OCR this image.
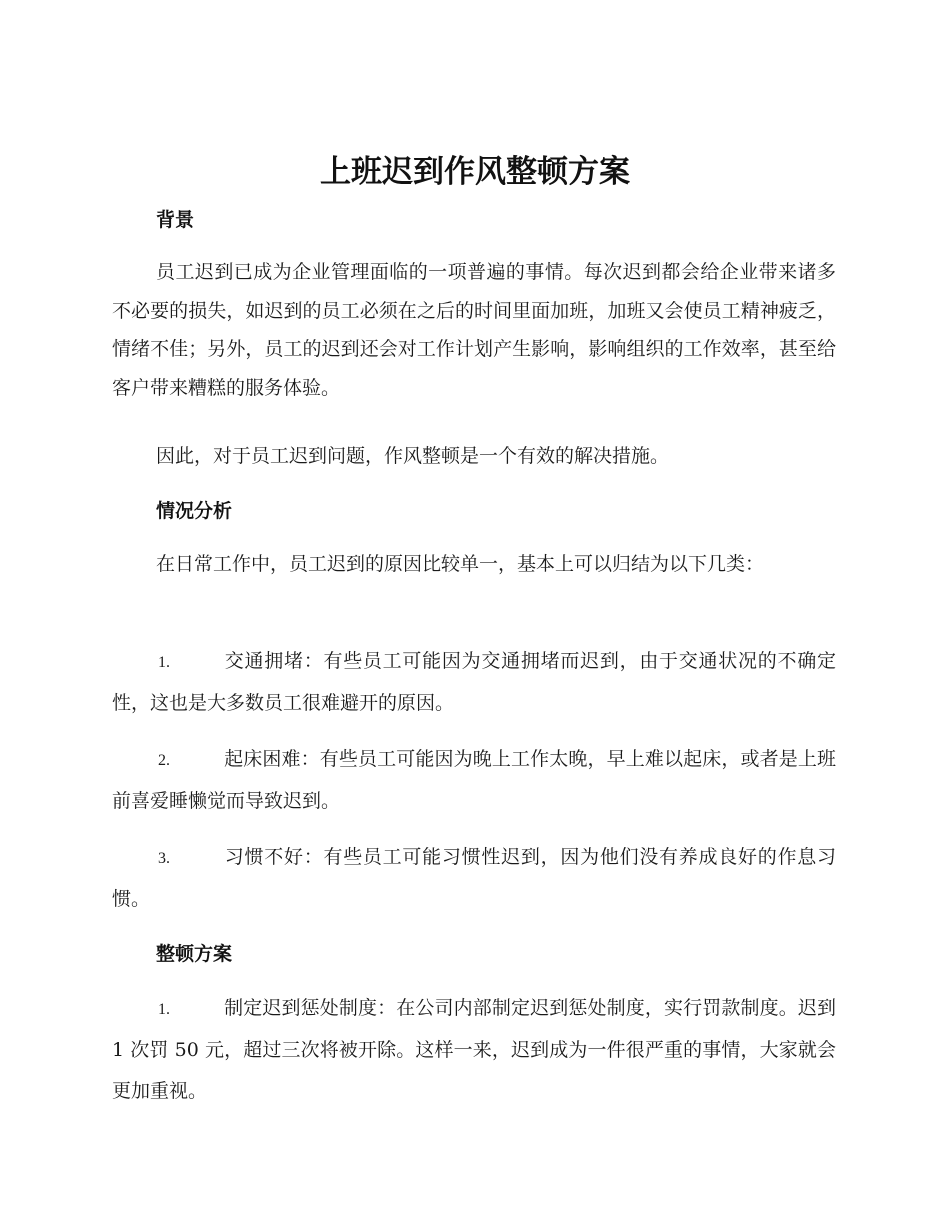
上班迟到作风整顿方案
背景

员工迟到已成为企业管理面临的一项普遍的事情。每次迟到都会给企业带来诸多不必要的损失，如迟到的员工必须在之后的时间里面加班，加班又会使员工精神疲乏，情绪不佳；另外，员工的迟到还会对工作计划产生影响，影响组织的工作效率，甚至给客户带来糟糕的服务体验。

因此，对于员工迟到问题，作风整顿是一个有效的解决措施。

情况分析

在日常工作中，员工迟到的原因比较单一，基本上可以归结为以下几类：

1.	交通拥堵：有些员工可能因为交通拥堵而迟到，由于交通状况的不确定性，这也是大多数员工很难避开的原因。

2.	起床困难：有些员工可能因为晚上工作太晚，早上难以起床，或者是上班前喜爱睡懒觉而导致迟到。

3.	习惯不好：有些员工可能习惯性迟到，因为他们没有养成良好的作息习惯。

整顿方案

1.	制定迟到惩处制度：在公司内部制定迟到惩处制度，实行罚款制度。迟到 1 次罚 50 元，超过三次将被开除。这样一来，迟到成为一件很严重的事情，大家就会更加重视。
